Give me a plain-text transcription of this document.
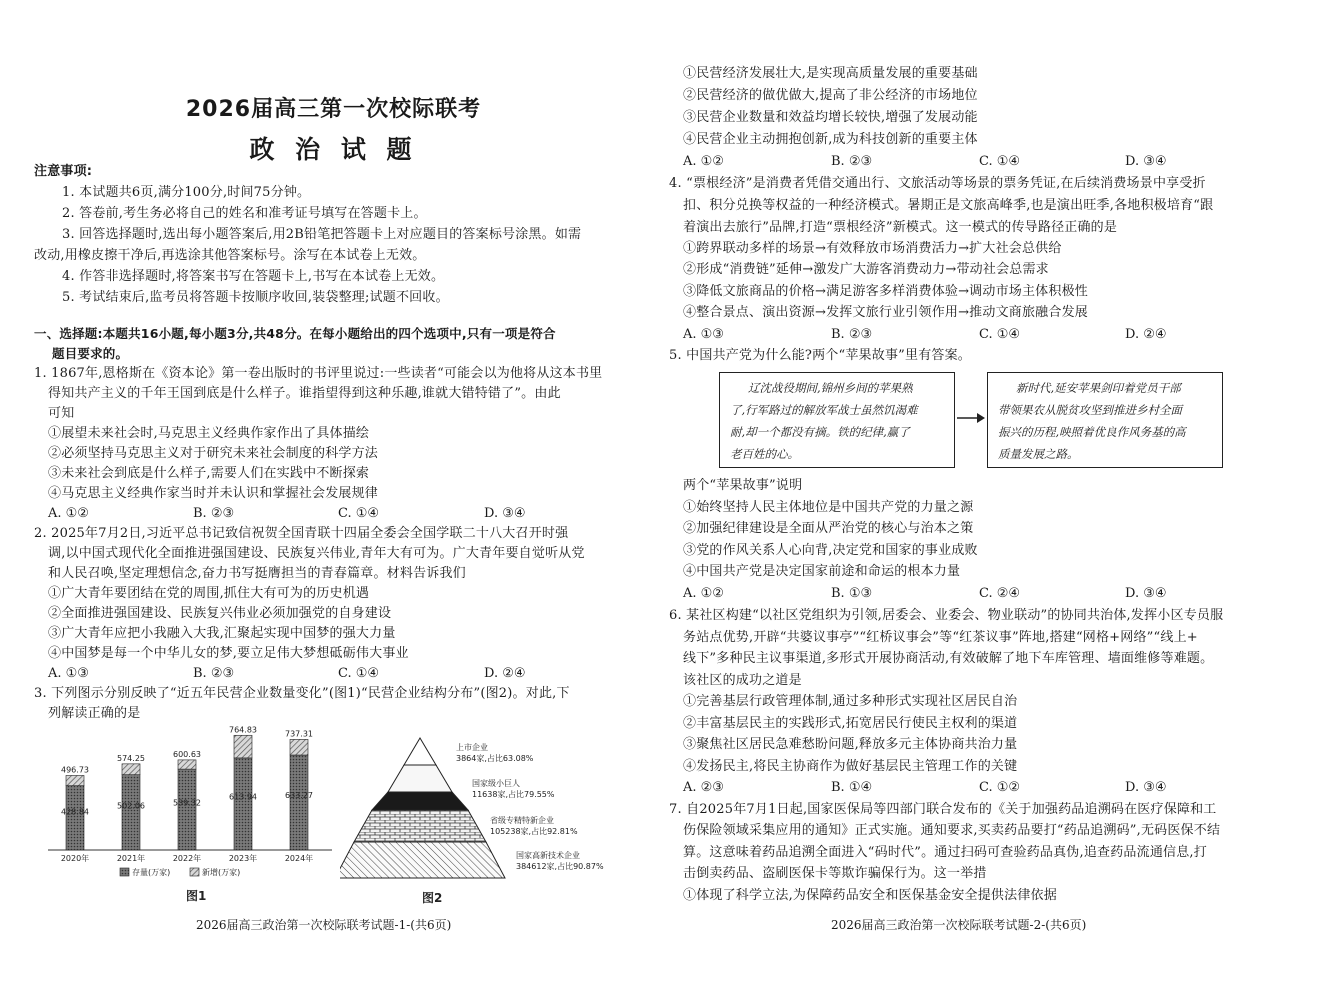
2026届高三第一次校际联考
政 治 试 题
注意事项:
1. 本试题共6页,满分100分,时间75分钟。
2. 答卷前,考生务必将自己的姓名和准考证号填写在答题卡上。
3. 回答选择题时,选出每小题答案后,用2B铅笔把答题卡上对应题目的答案标号涂黑。如需
改动,用橡皮擦干净后,再选涂其他答案标号。涂写在本试卷上无效。
4. 作答非选择题时,将答案书写在答题卡上,书写在本试卷上无效。
5. 考试结束后,监考员将答题卡按顺序收回,装袋整理;试题不回收。
一、选择题:本题共16小题,每小题3分,共48分。在每小题给出的四个选项中,只有一项是符合
题目要求的。
1. 1867年,恩格斯在《资本论》第一卷出版时的书评里说过:一些读者“可能会以为他将从这本书里
得知共产主义的千年王国到底是什么样子。谁指望得到这种乐趣,谁就大错特错了”。由此
可知
①展望未来社会时,马克思主义经典作家作出了具体描绘
②必须坚持马克思主义对于研究未来社会制度的科学方法
③未来社会到底是什么样子,需要人们在实践中不断探索
④马克思主义经典作家当时并未认识和掌握社会发展规律
A. ①②	B. ②③	C. ①④	D. ③④
2. 2025年7月2日,习近平总书记致信祝贺全国青联十四届全委会全国学联二十八大召开时强
调,以中国式现代化全面推进强国建设、民族复兴伟业,青年大有可为。广大青年要自觉听从党
和人民召唤,坚定理想信念,奋力书写挺膺担当的青春篇章。材料告诉我们
①广大青年要团结在党的周围,抓住大有可为的历史机遇
②全面推进强国建设、民族复兴伟业必须加强党的自身建设
③广大青年应把小我融入大我,汇聚起实现中国梦的强大力量
④中国梦是每一个中华儿女的梦,要立足伟大梦想砥砺伟大事业
A. ①③	B. ②③	C. ①④	D. ②④
3. 下列图示分别反映了“近五年民营企业数量变化”(图1)“民营企业结构分布”(图2)。对此,下
列解读正确的是
496.73
428.84
2020年
574.25
502.06
2021年
600.63
539.32
2022年
764.83
613.94
2023年
737.31
633.27
2024年
存量(万家)	新增(万家)
图1
上市企业
3864家,占比63.08%
国家级小巨人
11638家,占比79.55%
省级专精特新企业
105238家,占比92.81%
国家高新技术企业
384612家,占比90.87%
图2
2026届高三政治第一次校际联考试题-1-(共6页)
①民营经济发展壮大,是实现高质量发展的重要基础
②民营经济的做优做大,提高了非公经济的市场地位
③民营企业数量和效益均增长较快,增强了发展动能
④民营企业主动拥抱创新,成为科技创新的重要主体
A. ①②	B. ②③	C. ①④	D. ③④
4. “票根经济”是消费者凭借交通出行、文旅活动等场景的票务凭证,在后续消费场景中享受折
扣、积分兑换等权益的一种经济模式。暑期正是文旅高峰季,也是演出旺季,各地积极培育“跟
着演出去旅行”品牌,打造“票根经济”新模式。这一模式的传导路径正确的是
①跨界联动多样的场景→有效释放市场消费活力→扩大社会总供给
②形成“消费链”延伸→激发广大游客消费动力→带动社会总需求
③降低文旅商品的价格→满足游客多样消费体验→调动市场主体积极性
④整合景点、演出资源→发挥文旅行业引领作用→推动文商旅融合发展
A. ①③	B. ②③	C. ①④	D. ②④
5. 中国共产党为什么能?两个“苹果故事”里有答案。
辽沈战役期间,锦州乡间的苹果熟
了,行军路过的解放军战士虽然饥渴难
耐,却一个都没有摘。铁的纪律,赢了
老百姓的心。
新时代,延安苹果剑印着党员干部
带领果农从脱贫攻坚到推进乡村全面
振兴的历程,映照着优良作风务基的高
质量发展之路。
两个“苹果故事”说明
①始终坚持人民主体地位是中国共产党的力量之源
②加强纪律建设是全面从严治党的核心与治本之策
③党的作风关系人心向背,决定党和国家的事业成败
④中国共产党是决定国家前途和命运的根本力量
A. ①②	B. ①③	C. ②④	D. ③④
6. 某社区构建“以社区党组织为引领,居委会、业委会、物业联动”的协同共治体,发挥小区专员服
务站点优势,开辟“共婆议事亭”“红桥议事会”等“红茶议事”阵地,搭建“网格+网络”“线上+
线下”多种民主议事渠道,多形式开展协商活动,有效破解了地下车库管理、墙面维修等难题。
该社区的成功之道是
①完善基层行政管理体制,通过多种形式实现社区居民自治
②丰富基层民主的实践形式,拓宽居民行使民主权利的渠道
③聚焦社区居民急难愁盼问题,释放多元主体协商共治力量
④发扬民主,将民主协商作为做好基层民主管理工作的关键
A. ②③	B. ①④	C. ①②	D. ③④
7. 自2025年7月1日起,国家医保局等四部门联合发布的《关于加强药品追溯码在医疗保障和工
伤保险领域采集应用的通知》正式实施。通知要求,买卖药品要打“药品追溯码”,无码医保不结
算。这意味着药品追溯全面进入“码时代”。通过扫码可查验药品真伪,追查药品流通信息,打
击倒卖药品、盗刷医保卡等欺诈骗保行为。这一举措
①体现了科学立法,为保障药品安全和医保基金安全提供法律依据
2026届高三政治第一次校际联考试题-2-(共6页)
